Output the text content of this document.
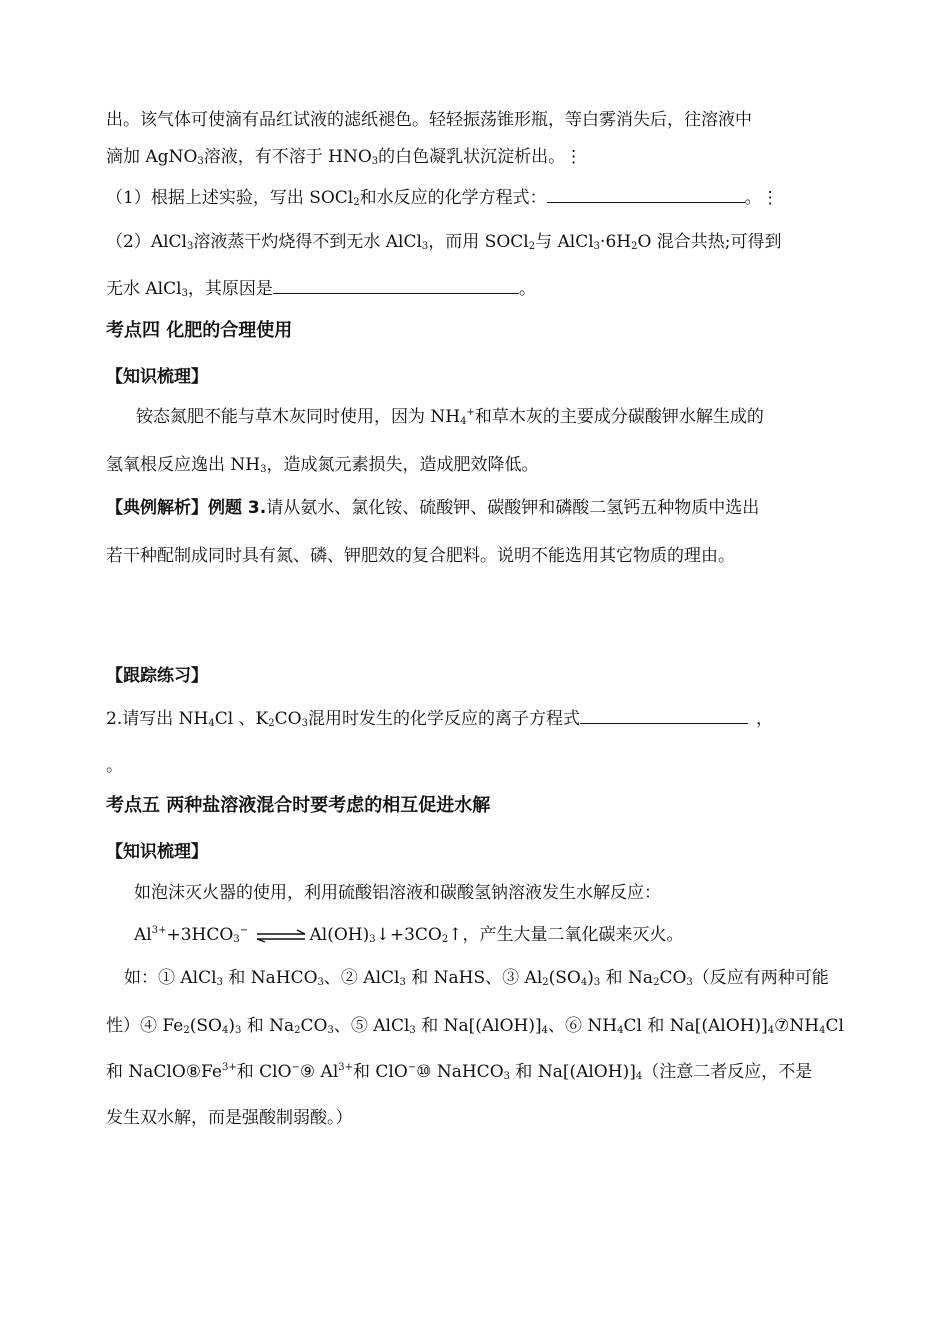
出。该气体可使滴有品红试液的滤纸褪色。轻轻振荡锥形瓶，等白雾消失后，往溶液中
滴加 AgNO$_3$溶液，有不溶于 $HNO_3$的白色凝乳状沉淀析出。⋮
（1）根据上述实验，写出 SOCl$_2$和水反应的化学方程式：	。⋮
（2）AlCl$_3$溶液蒸干灼烧得不到无水 AlCl$_3$，而用 SOCl$_2$与 $AlCl_3\cdot 6H_2O$ 混合共热;可得到
无水 AlCl$_3$，其原因是	。
考点四 化肥的合理使用
【知识梳理】
铵态氮肥不能与草木灰同时使用，因为 $NH_4^+$和草木灰的主要成分碳酸钾水解生成的
氢氧根反应逸出 $NH_3$，造成氮元素损失，造成肥效降低。
【典例解析】例题 3.请从氨水、氯化铵、硫酸钾、碳酸钾和磷酸二氢钙五种物质中选出
若干种配制成同时具有氮、磷、钾肥效的复合肥料。说明不能选用其它物质的理由。
【跟踪练习】
2.请写出 $NH_4Cl$ 、$K_2CO_3$混用时发生的化学反应的离子方程式	，
。
考点五 两种盐溶液混合时要考虑的相互促进水解
【知识梳理】
如泡沫灭火器的使用，利用硫酸铝溶液和碳酸氢钠溶液发生水解反应：
$Al^{3+}+3HCO_3^-$ ⇌ $Al(OH)_3↓+3CO_2↑$，产生大量二氧化碳来灭火。
如：① AlCl$_3$ 和 NaHCO$_3$、② AlCl$_3$ 和 NaHS、③ $Al_2(SO_4)_3$ 和 $Na_2CO_3$（反应有两种可能
性）④ $Fe_2(SO_4)_3$ 和 $Na_2CO_3$、⑤ AlCl$_3$ 和 $Na[(AlOH)]_4$、⑥ $NH_4Cl$ 和 $Na[(AlOH)]_4⑦NH_4Cl$
和 $NaClO⑧Fe^{3+}$和 ClO−⑨ $Al^{3+}$和 ClO−⑩ NaHCO$_3$ 和 $Na[(AlOH)]_4$（注意二者反应，不是
发生双水解，而是强酸制弱酸。）
